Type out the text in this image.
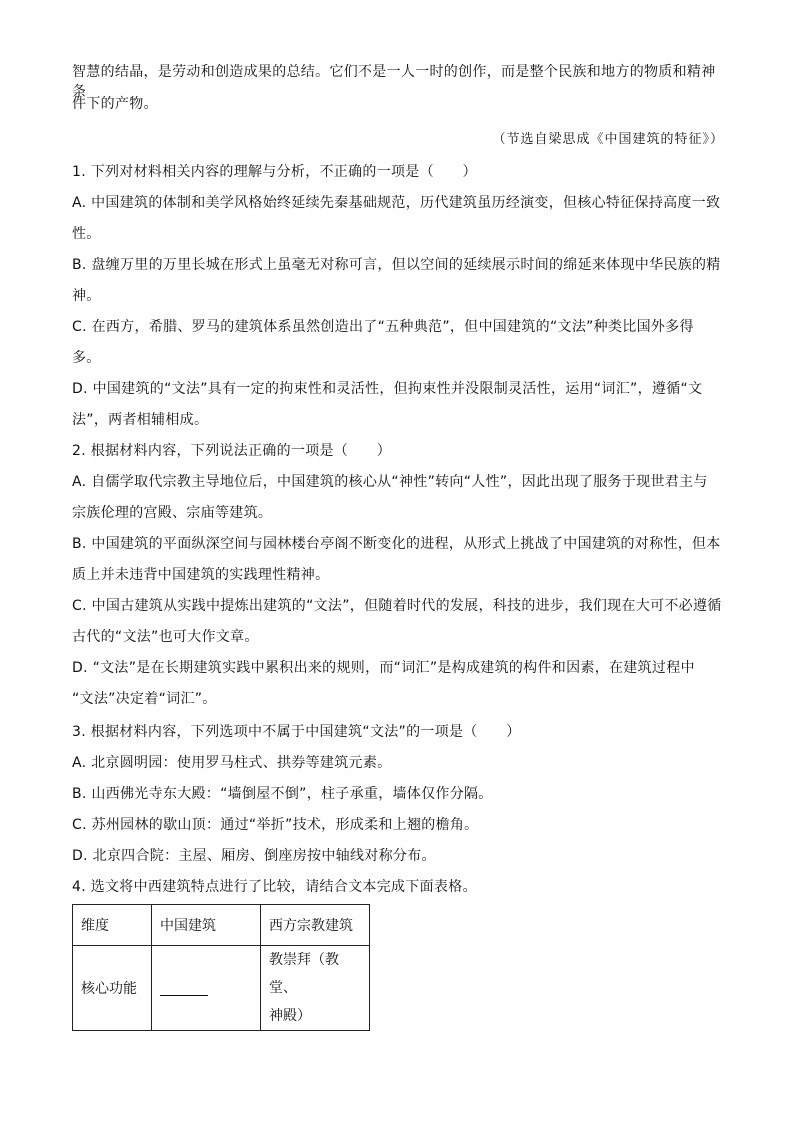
智慧的结晶，是劳动和创造成果的总结。它们不是一人一时的创作，而是整个民族和地方的物质和精神条
件下的产物。
（节选自梁思成《中国建筑的特征》）
1. 下列对材料相关内容的理解与分析，不正确的一项是（　　）
A. 中国建筑的体制和美学风格始终延续先秦基础规范，历代建筑虽历经演变，但核心特征保持高度一致
性。
B. 盘缠万里的万里长城在形式上虽毫无对称可言，但以空间的延续展示时间的绵延来体现中华民族的精
神。
C. 在西方，希腊、罗马的建筑体系虽然创造出了“五种典范”，但中国建筑的“文法”种类比国外多得
多。
D. 中国建筑的“文法”具有一定的拘束性和灵活性，但拘束性并没限制灵活性，运用“词汇”，遵循“文
法”，两者相辅相成。
2. 根据材料内容，下列说法正确的一项是（　　）
A. 自儒学取代宗教主导地位后，中国建筑的核心从“神性”转向“人性”，因此出现了服务于现世君主与
宗族伦理的宫殿、宗庙等建筑。
B. 中国建筑的平面纵深空间与园林楼台亭阁不断变化的进程，从形式上挑战了中国建筑的对称性，但本
质上并未违背中国建筑的实践理性精神。
C. 中国古建筑从实践中提炼出建筑的“文法”，但随着时代的发展，科技的进步，我们现在大可不必遵循
古代的“文法”也可大作文章。
D. “文法”是在长期建筑实践中累积出来的规则，而“词汇”是构成建筑的构件和因素，在建筑过程中
“文法”决定着“词汇”。
3. 根据材料内容，下列选项中不属于中国建筑“文法”的一项是（　　）
A. 北京圆明园：使用罗马柱式、拱券等建筑元素。
B. 山西佛光寺东大殿：“墙倒屋不倒”，柱子承重，墙体仅作分隔。
C. 苏州园林的歇山顶：通过“举折”技术，形成柔和上翘的檐角。
D. 北京四合院：主屋、厢房、倒座房按中轴线对称分布。
4. 选文将中西建筑特点进行了比较，请结合文本完成下面表格。
维度	中国建筑	西方宗教建筑
核心功能		教崇拜（教堂、
神殿）
